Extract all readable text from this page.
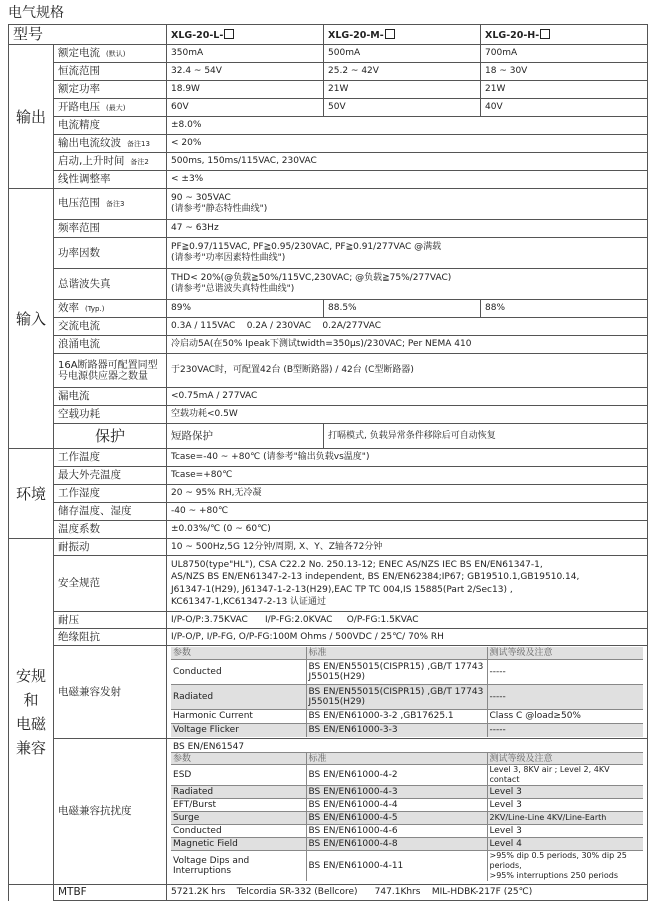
电气规格
型号	XLG-20-L-	XLG-20-M-	XLG-20-H-
输出	额定电流 (默认)	350mA	500mA	700mA
恒流范围	32.4 ~ 54V	25.2 ~ 42V	18 ~ 30V
额定功率	18.9W	21W	21W
开路电压 (最大)	60V	50V	40V
电流精度	±8.0%
输出电流纹波 备注13	< 20%
启动,上升时间 备注2	500ms, 150ms/115VAC, 230VAC
线性调整率	< ±3%
输入	电压范围 备注3	
90 ~ 305VAC
(请参考"静态特性曲线")

频率范围	47 ~ 63Hz
功率因数	PF≧0.97/115VAC, PF≧0.95/230VAC, PF≧0.91/277VAC @满载
(请参考"功率因素特性曲线")

总谐波失真	THD< 20%(@负载≧50%/115VC,230VAC; @负载≧75%/277VAC)
(请参考"总谐波失真特性曲线")

效率 (Typ.)	89%	88.5%	88%
交流电流	0.3A / 115VAC    0.2A / 230VAC    0.2A/277VAC
浪涌电流	冷启动5A(在50% Ipeak下测试twidth=350µs)/230VAC; Per NEMA 410

16A断路器可配置同型
号电源供应器之数量
	于230VAC时，可配置42台 (B型断路器) / 42台 (C型断路器)
漏电流	<0.75mA / 277VAC
空载功耗	空载功耗<0.5W
保护	短路保护	打嗝模式, 负载异常条件移除后可自动恢复
环境	工作温度	Tcase=-40 ~ +80℃ (请参考"输出负载vs温度")
最大外壳温度	Tcase=+80℃
工作湿度	20 ~ 95% RH,无冷凝
储存温度、湿度	-40 ~ +80℃
温度系数	±0.03%/℃ (0 ~ 60℃)
安规
和
电磁
兼容	耐振动	10 ~ 500Hz,5G 12分钟/周期, X、Y、Z轴各72分钟
安全规范	
UL8750(type"HL"), CSA C22.2 No. 250.13-12; ENEC AS/NZS IEC BS EN/EN61347-1,
AS/NZS BS EN/EN61347-2-13 independent, BS EN/EN62384;IP67; GB19510.1,GB19510.14,
J61347-1(H29), J61347-1-2-13(H29),EAC TP TC 004,IS 15885(Part 2/Sec13) ,
KC61347-1,KC61347-2-13 认证通过

耐压	I/P-O/P:3.75KVAC      I/P-FG:2.0KVAC     O/P-FG:1.5KVAC
绝缘阻抗	I/P-O/P, I/P-FG, O/P-FG:100M Ohms / 500VDC / 25℃/ 70% RH
电磁兼容发射	
参数	标准	测试等级及注意
Conducted	BS EN/EN55015(CISPR15) ,GB/T 17743
J55015(H29)	-----
Radiated	BS EN/EN55015(CISPR15) ,GB/T 17743
J55015(H29)	-----
Harmonic Current	BS EN/EN61000-3-2 ,GB17625.1	Class C @load≥50%
Voltage Flicker	BS EN/EN61000-3-3	-----

电磁兼容抗扰度	
BS EN/EN61547
参数	标准	测试等级及注意
ESD	BS EN/EN61000-4-2	Level 3, 8KV air ; Level 2, 4KV contact
Radiated	BS EN/EN61000-4-3	Level 3
EFT/Burst	BS EN/EN61000-4-4	Level 3
Surge	BS EN/EN61000-4-5	2KV/Line-Line 4KV/Line-Earth
Conducted	BS EN/EN61000-4-6	Level 3
Magnetic Field	BS EN/EN61000-4-8	Level 4
Voltage Dips and Interruptions	BS EN/EN61000-4-11	
>95% dip 0.5 periods, 30% dip 25 periods,
>95% interruptions 250 periods

	MTBF	5721.2K hrs    Telcordia SR-332 (Bellcore)      747.1Khrs    MIL-HDBK-217F (25℃)
